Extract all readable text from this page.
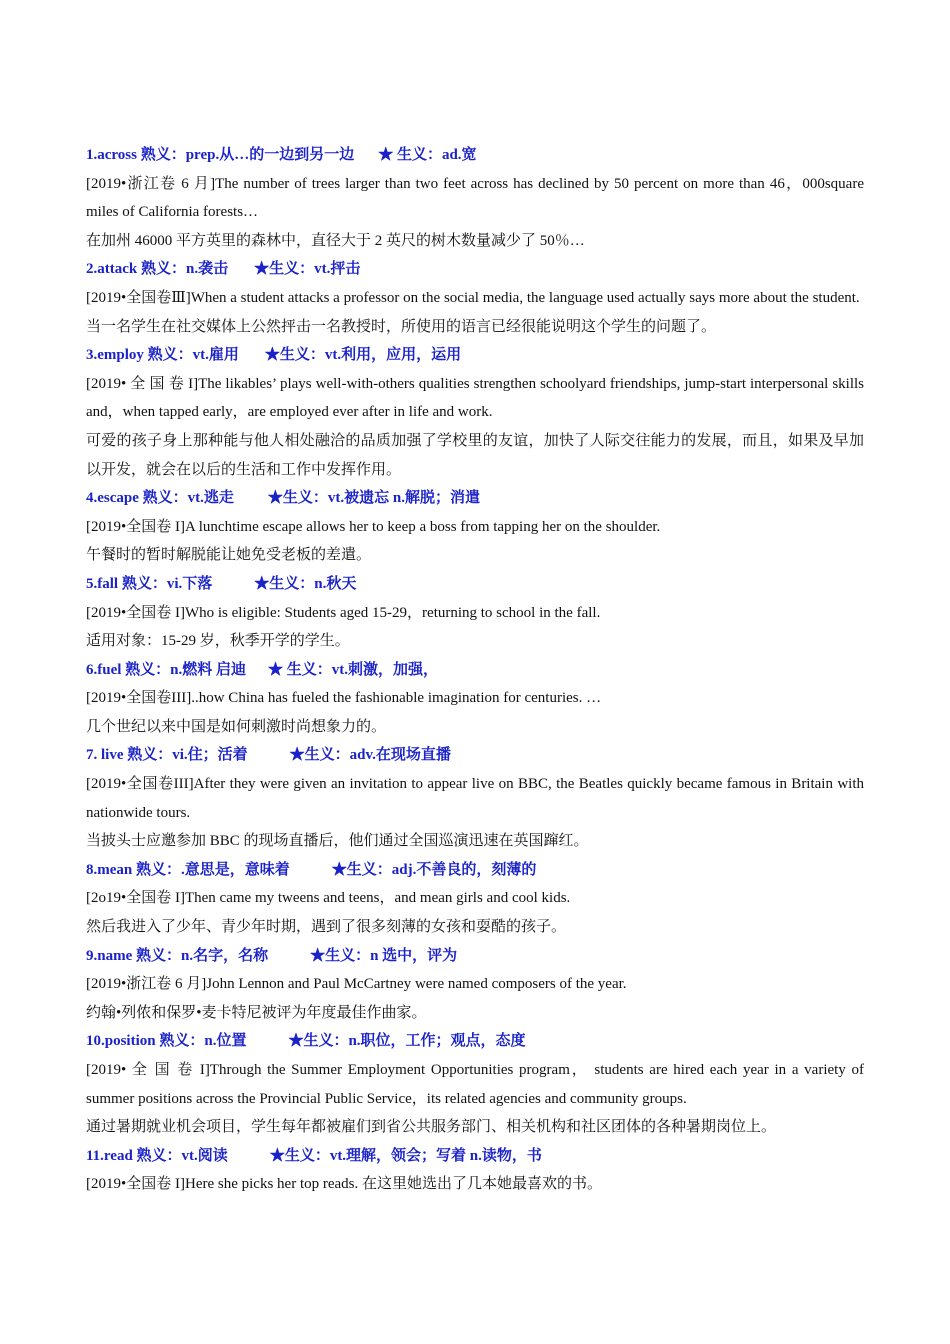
1.across 熟义：prep.从…的一边到另一边 ★ 生义：ad.宽
[2019•浙江卷 6 月]The number of trees larger than two feet across has declined by 50 percent on more than 46，000square miles of California forests…
在加州 46000 平方英里的森林中，直径大于 2 英尺的树木数量减少了 50％…
2.attack 熟义：n.袭击 ★生义：vt.抨击
[2019•全国卷Ⅲ]When a student attacks a professor on the social media, the language used actually says more about the student.
当一名学生在社交媒体上公然抨击一名教授时，所使用的语言已经很能说明这个学生的问题了。
3.employ 熟义：vt.雇用 ★生义：vt.利用，应用，运用
[2019• 全 国 卷 I]The likables’ plays well-with-others qualities strengthen schoolyard friendships, jump-start interpersonal skills and，when tapped early，are employed ever after in life and work.
可爱的孩子身上那种能与他人相处融洽的品质加强了学校里的友谊，加快了人际交往能力的发展，而且，如果及早加以开发，就会在以后的生活和工作中发挥作用。
4.escape 熟义：vt.逃走 ★生义：vt.被遗忘 n.解脱；消遣
[2019•全国卷 I]A lunchtime escape allows her to keep a boss from tapping her on the shoulder.
午餐时的暂时解脱能让她免受老板的差遣。
5.fall 熟义：vi.下落	★生义：n.秋天
[2019•全国卷 I]Who is eligible: Students aged 15-29，returning to school in the fall.
适用对象：15-29 岁，秋季开学的学生。
6.fuel 熟义：n.燃料 启迪 ★ 生义：vt.刺激，加强，
[2019•全国卷III]..how China has fueled the fashionable imagination for centuries. …
几个世纪以来中国是如何刺激时尚想象力的。
7. live 熟义：vi.住；活着	★生义：adv.在现场直播
[2019•全国卷III]After they were given an invitation to appear live on BBC, the Beatles quickly became famous in Britain with nationwide tours.
当披头士应邀参加 BBC 的现场直播后，他们通过全国巡演迅速在英国蹿红。
8.mean 熟义：.意思是，意味着	★生义：adj.不善良的，刻薄的
[2o19•全国卷 I]Then came my tweens and teens，and mean girls and cool kids.
然后我进入了少年、青少年时期，遇到了很多刻薄的女孩和耍酷的孩子。
9.name 熟义：n.名字，名称	★生义：n 选中，评为
[2019•浙江卷 6 月]John Lennon and Paul McCartney were named composers of the year.
约翰•列侬和保罗•麦卡特尼被评为年度最佳作曲家。
10.position 熟义：n.位置	★生义：n.职位，工作；观点，态度
[2019• 全 国 卷 I]Through the Summer Employment Opportunities program， students are hired each year in a variety of summer positions across the Provincial Public Service，its related agencies and community groups.
通过暑期就业机会项目，学生每年都被雇们到省公共服务部门、相关机构和社区团体的各种暑期岗位上。
11.read 熟义：vt.阅读	★生义：vt.理解，领会；写着 n.读物，书
[2019•全国卷 I]Here she picks her top reads. 在这里她选出了几本她最喜欢的书。
